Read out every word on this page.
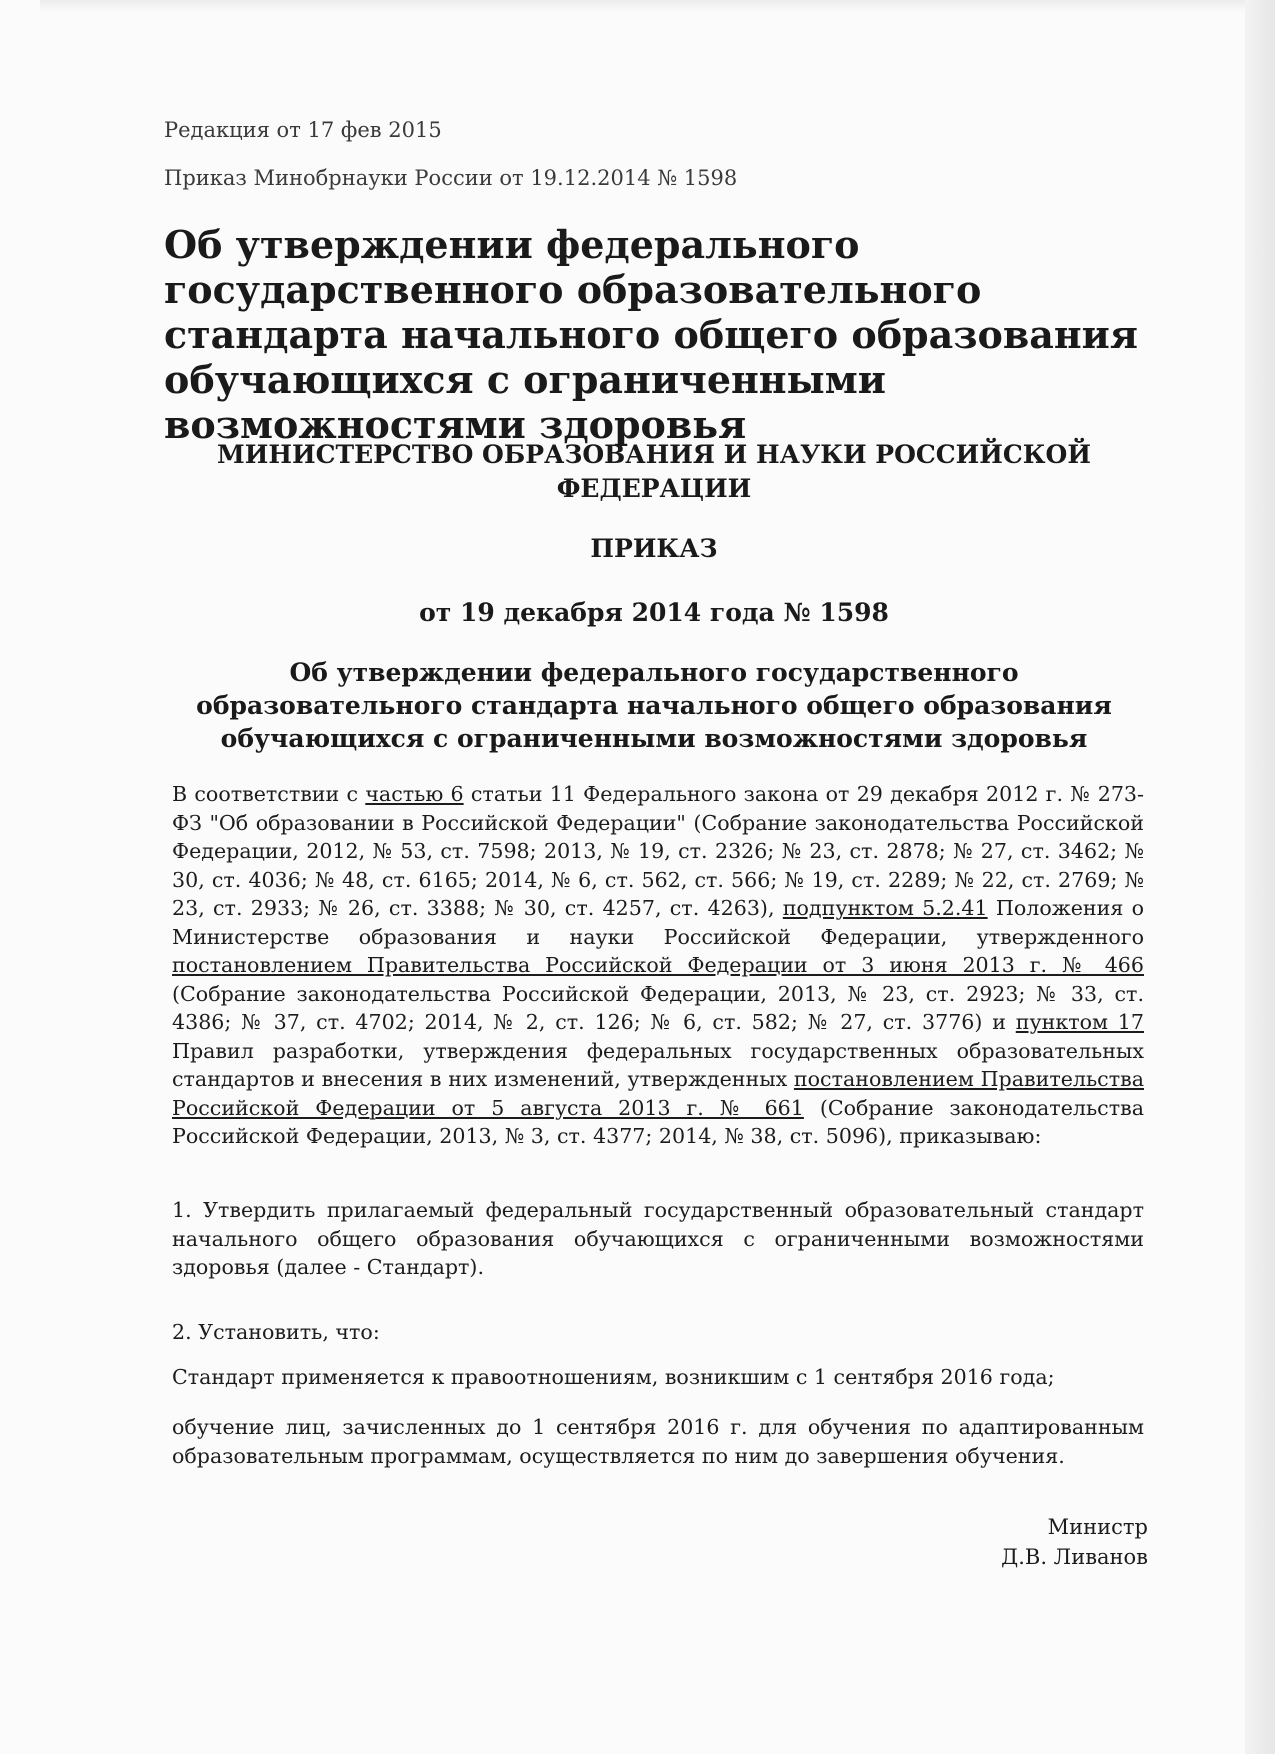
Редакция от 17 фев 2015
Приказ Минобрнауки России от 19.12.2014 № 1598
Об утверждении федерального государственного образовательного стандарта начального общего образования обучающихся с ограниченными возможностями здоровья
МИНИСТЕРСТВО ОБРАЗОВАНИЯ И НАУКИ РОССИЙСКОЙ ФЕДЕРАЦИИ
ПРИКАЗ
от 19 декабря 2014 года № 1598
Об утверждении федерального государственного образовательного стандарта начального общего образования обучающихся с ограниченными возможностями здоровья

В соответствии с частью 6 статьи 11 Федерального закона от 29 декабря 2012 г. № 273-ФЗ "Об образовании в Российской Федерации" (Собрание законодательства Российской Федерации, 2012, № 53, ст. 7598; 2013, № 19, ст. 2326; № 23, ст. 2878; № 27, ст. 3462; № 30, ст. 4036; № 48, ст. 6165; 2014, № 6, ст. 562, ст. 566; № 19, ст. 2289; № 22, ст. 2769; № 23, ст. 2933; № 26, ст. 3388; № 30, ст. 4257, ст. 4263), подпунктом 5.2.41 Положения о Министерстве образования и науки Российской Федерации, утвержденного постановлением Правительства Российской Федерации от 3 июня 2013 г. № 466 (Собрание законодательства Российской Федерации, 2013, № 23, ст. 2923; № 33, ст. 4386; № 37, ст. 4702; 2014, № 2, ст. 126; № 6, ст. 582; № 27, ст. 3776) и пунктом 17 Правил разработки, утверждения федеральных государственных образовательных стандартов и внесения в них изменений, утвержденных постановлением Правительства Российской Федерации от 5 августа 2013 г. № 661 (Собрание законодательства Российской Федерации, 2013, № 3, ст. 4377; 2014, № 38, ст. 5096), приказываю:

1. Утвердить прилагаемый федеральный государственный образовательный стандарт начального общего образования обучающихся с ограниченными возможностями здоровья (далее - Стандарт).

2. Установить, что:

Стандарт применяется к правоотношениям, возникшим с 1 сентября 2016 года;

обучение лиц, зачисленных до 1 сентября 2016 г. для обучения по адаптированным образовательным программам, осуществляется по ним до завершения обучения.

Министр
Д.В. Ливанов
